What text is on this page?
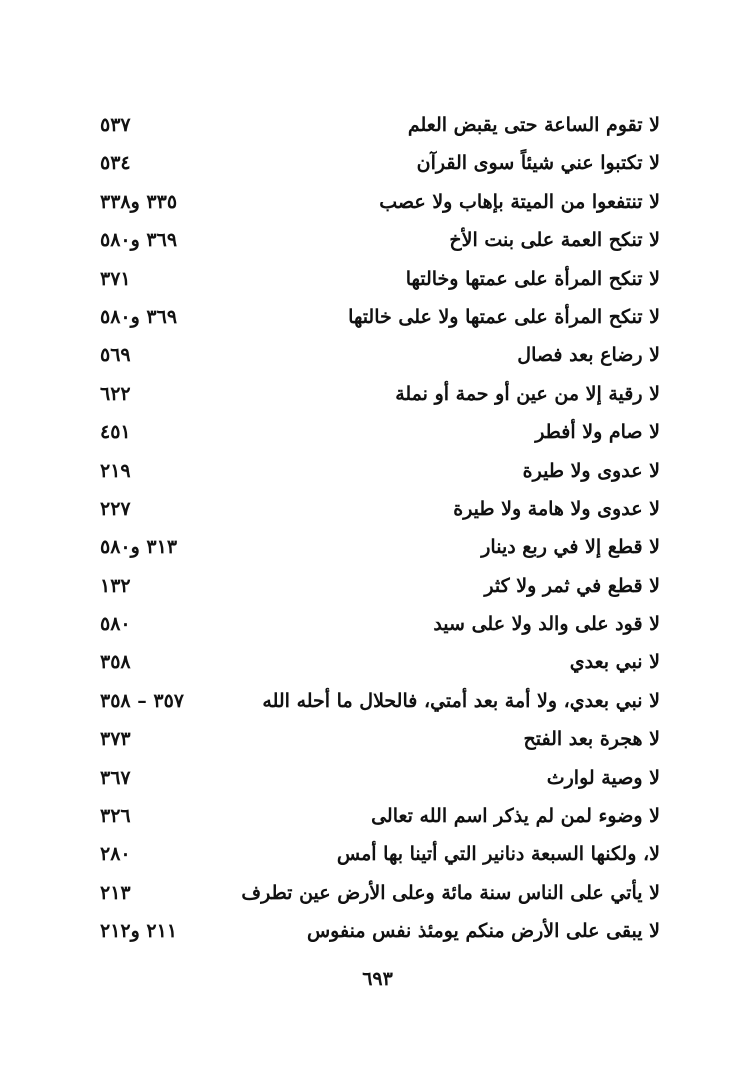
لا تقوم الساعة حتى يقبض العلم
٥٣٧
لا تكتبوا عني شيئاً سوى القرآن
٥٣٤
لا تنتفعوا من الميتة بإهاب ولا عصب
٣٣٥ و٣٣٨
لا تنكح العمة على بنت الأخ
٣٦٩ و٥٨٠
لا تنكح المرأة على عمتها وخالتها
٣٧١
لا تنكح المرأة على عمتها ولا على خالتها
٣٦٩ و٥٨٠
لا رضاع بعد فصال
٥٦٩
لا رقية إلا من عين أو حمة أو نملة
٦٢٢
لا صام ولا أفطر
٤٥١
لا عدوى ولا طيرة
٢١٩
لا عدوى ولا هامة ولا طيرة
٢٢٧
لا قطع إلا في ربع دينار
٣١٣ و٥٨٠
لا قطع في ثمر ولا كثر
١٣٢
لا قود على والد ولا على سيد
٥٨٠
لا نبي بعدي
٣٥٨
لا نبي بعدي، ولا أمة بعد أمتي، فالحلال ما أحله الله
٣٥٧ – ٣٥٨
لا هجرة بعد الفتح
٣٧٣
لا وصية لوارث
٣٦٧
لا وضوء لمن لم يذكر اسم الله تعالى
٣٢٦
لا، ولكنها السبعة دنانير التي أتينا بها أمس
٢٨٠
لا يأتي على الناس سنة مائة وعلى الأرض عين تطرف
٢١٣
لا يبقى على الأرض منكم يومئذ نفس منفوس
٢١١ و٢١٢
٦٩٣
